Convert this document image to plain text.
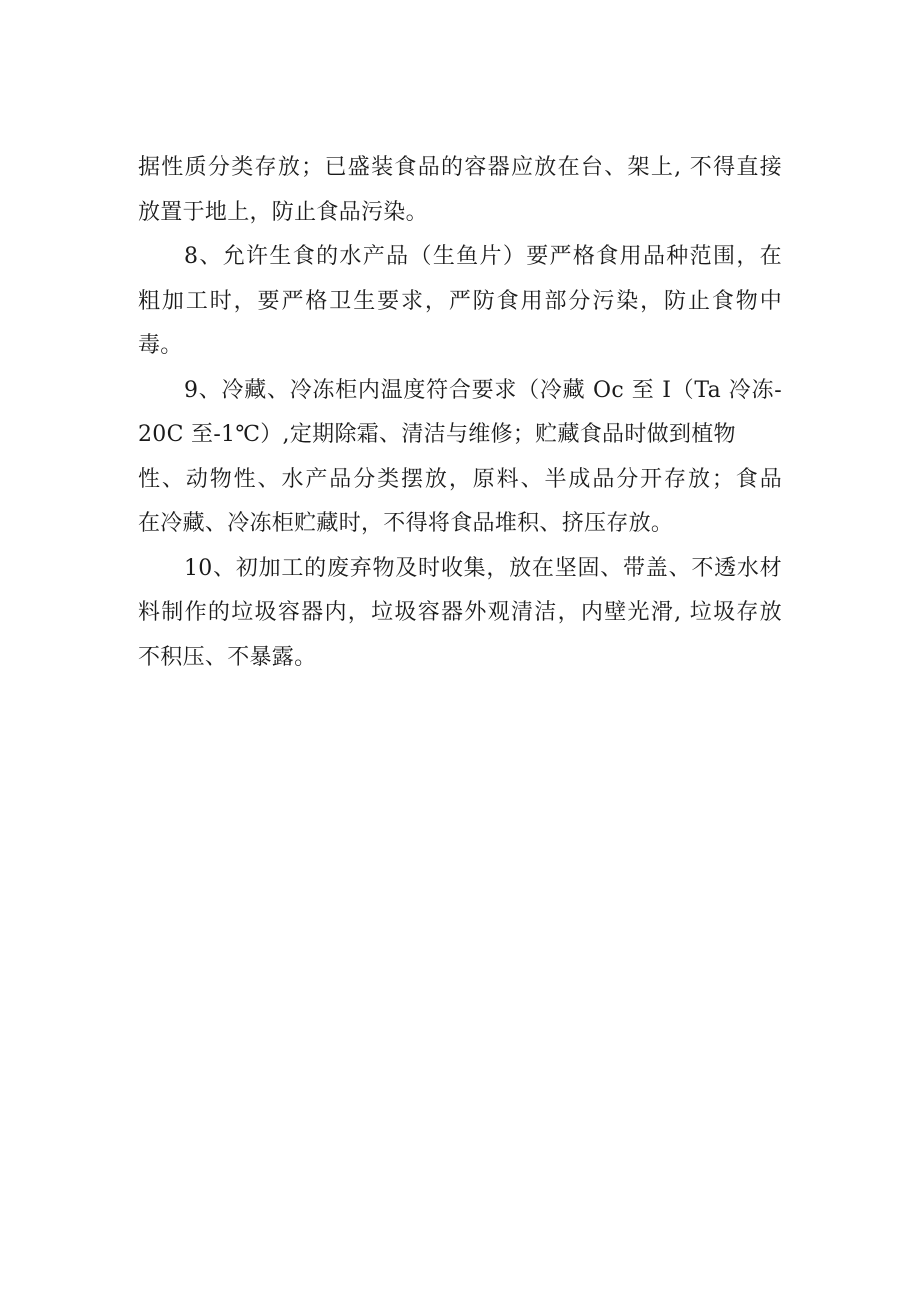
据性质分类存放；已盛装食品的容器应放在台、架上, 不得直接
放置于地上，防止食品污染。
8、允许生食的水产品（生鱼片）要严格食用品种范围，在
粗加工时，要严格卫生要求，严防食用部分污染，防止食物中
毒。
9、冷藏、冷冻柜内温度符合要求（冷藏 Oc 至 I（Ta 冷冻-
20C 至-1℃）,定期除霜、清洁与维修；贮藏食品时做到植物
性、动物性、水产品分类摆放，原料、半成品分开存放；食品
在冷藏、冷冻柜贮藏时，不得将食品堆积、挤压存放。
10、初加工的废弃物及时收集，放在坚固、带盖、不透水材
料制作的垃圾容器内，垃圾容器外观清洁，内壁光滑, 垃圾存放
不积压、不暴露。
